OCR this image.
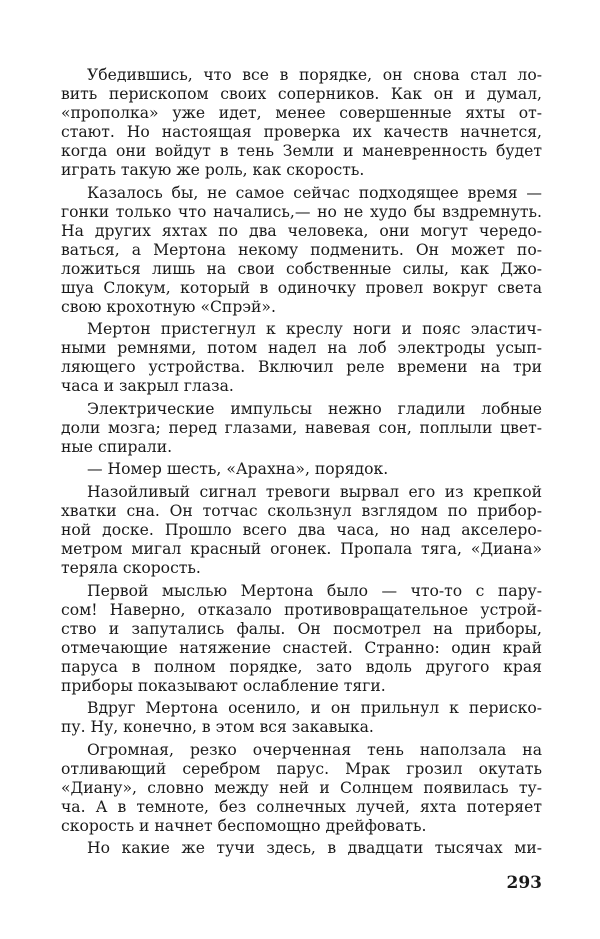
Убедившись, что все в порядке, он снова стал ло-
вить перископом своих соперников. Как он и думал,
«прополка» уже идет, менее совершенные яхты от-
стают. Но настоящая проверка их качеств начнется,
когда они войдут в тень Земли и маневренность будет
играть такую же роль, как скорость.
Казалось бы, не самое сейчас подходящее время —
гонки только что начались,— но не худо бы вздремнуть.
На других яхтах по два человека, они могут чередо-
ваться, а Мертона некому подменить. Он может по-
ложиться лишь на свои собственные силы, как Джо-
шуа Слокум, который в одиночку провел вокруг света
свою крохотную «Спрэй».
Мертон пристегнул к креслу ноги и пояс эластич-
ными ремнями, потом надел на лоб электроды усып-
ляющего устройства. Включил реле времени на три
часа и закрыл глаза.
Электрические импульсы нежно гладили лобные
доли мозга; перед глазами, навевая сон, поплыли цвет-
ные спирали.
— Номер шесть, «Арахна», порядок.
Назойливый сигнал тревоги вырвал его из крепкой
хватки сна. Он тотчас скользнул взглядом по прибор-
ной доске. Прошло всего два часа, но над акселеро-
метром мигал красный огонек. Пропала тяга, «Диана»
теряла скорость.
Первой мыслью Мертона было — что-то с пару-
сом! Наверно, отказало противовращательное устрой-
ство и запутались фалы. Он посмотрел на приборы,
отмечающие натяжение снастей. Странно: один край
паруса в полном порядке, зато вдоль другого края
приборы показывают ослабление тяги.
Вдруг Мертона осенило, и он прильнул к периско-
пу. Ну, конечно, в этом вся закавыка.
Огромная, резко очерченная тень наползала на
отливающий серебром парус. Мрак грозил окутать
«Диану», словно между ней и Солнцем появилась ту-
ча. А в темноте, без солнечных лучей, яхта потеряет
скорость и начнет беспомощно дрейфовать.
Но какие же тучи здесь, в двадцати тысячах ми-
293
